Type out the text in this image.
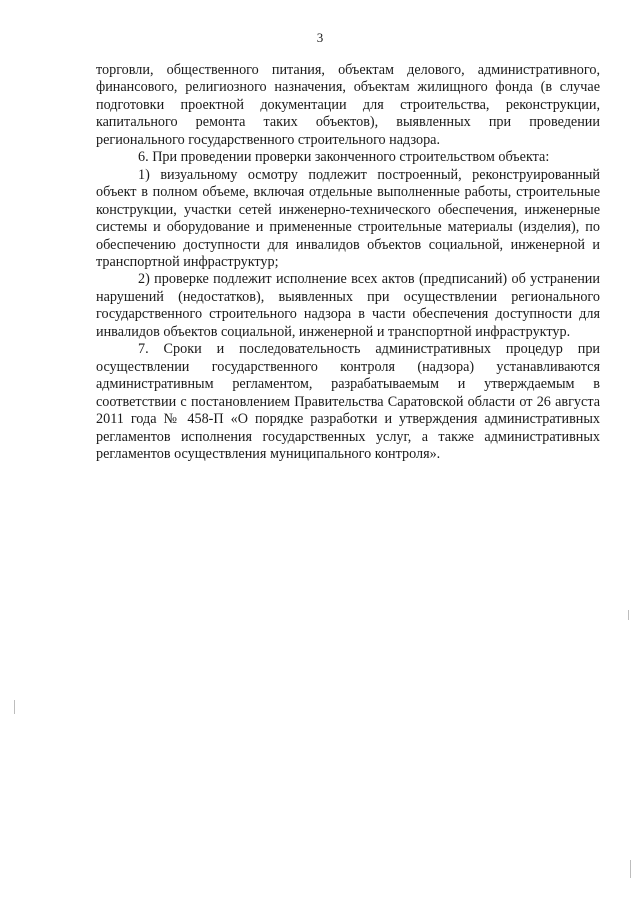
3

торговли, общественного питания, объектам делового, административного, финансового, религиозного назначения, объектам жилищного фонда (в случае подготовки проектной документации для строительства, реконструкции, капитального ремонта таких объектов), выявленных при проведении регионального государственного строительного надзора.

6. При проведении проверки законченного строительством объекта:

1) визуальному осмотру подлежит построенный, реконструированный объект в полном объеме, включая отдельные выполненные работы, строительные конструкции, участки сетей инженерно-технического обеспечения, инженерные системы и оборудование и примененные строительные материалы (изделия), по обеспечению доступности для инвалидов объектов социальной, инженерной и транспортной инфраструктур;

2) проверке подлежит исполнение всех актов (предписаний) об устранении нарушений (недостатков), выявленных при осуществлении регионального государственного строительного надзора в части обеспечения доступности для инвалидов объектов социальной, инженерной и транспортной инфраструктур.

7. Сроки и последовательность административных процедур при осуществлении государственного контроля (надзора) устанавливаются административным регламентом, разрабатываемым и утверждаемым в соответствии с постановлением Правительства Саратовской области от 26 августа 2011 года № 458-П «О порядке разработки и утверждения административных регламентов исполнения государственных услуг, а также административных регламентов осуществления муниципального контроля».
